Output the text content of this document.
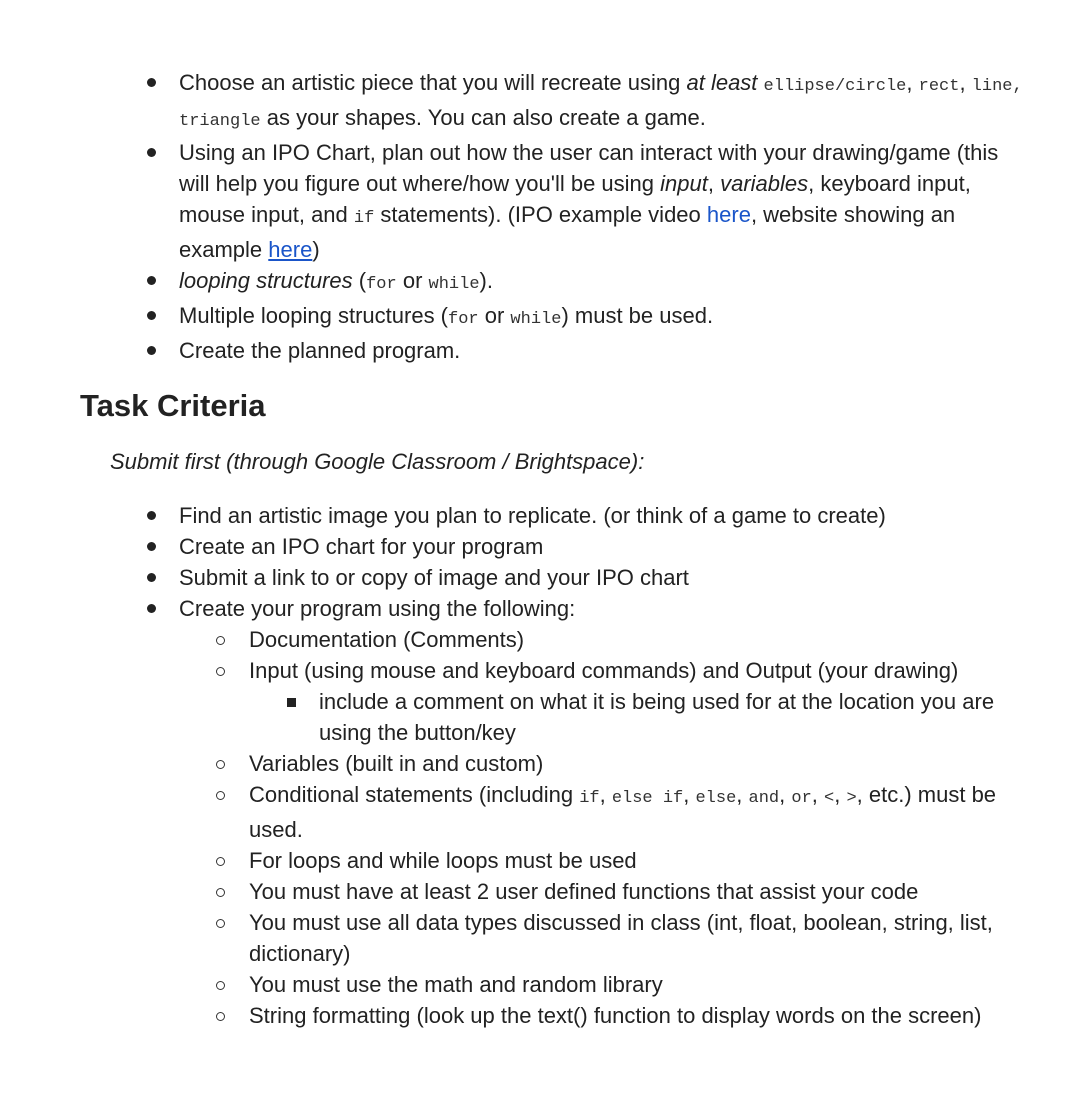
Choose an artistic piece that you will recreate using at least ellipse/circle, rect, line, triangle as your shapes. You can also create a game.
Using an IPO Chart, plan out how the user can interact with your drawing/game (this will help you figure out where/how you'll be using input, variables, keyboard input, mouse input, and if statements). (IPO example video here, website showing an example here)
looping structures (for or while).
Multiple looping structures (for or while) must be used.
Create the planned program.
Task Criteria

Submit first (through Google Classroom / Brightspace):

Find an artistic image you plan to replicate. (or think of a game to create)
Create an IPO chart for your program
Submit a link to or copy of image and your IPO chart
Create your program using the following:
Documentation (Comments)
Input (using mouse and keyboard commands) and Output (your drawing)
include a comment on what it is being used for at the location you are using the button/key
Variables (built in and custom)
Conditional statements (including if, else if, else, and, or, <, >, etc.) must be used.
For loops and while loops must be used
You must have at least 2 user defined functions that assist your code
You must use all data types discussed in class (int, float, boolean, string, list, dictionary)
You must use the math and random library
String formatting (look up the text() function to display words on the screen)
